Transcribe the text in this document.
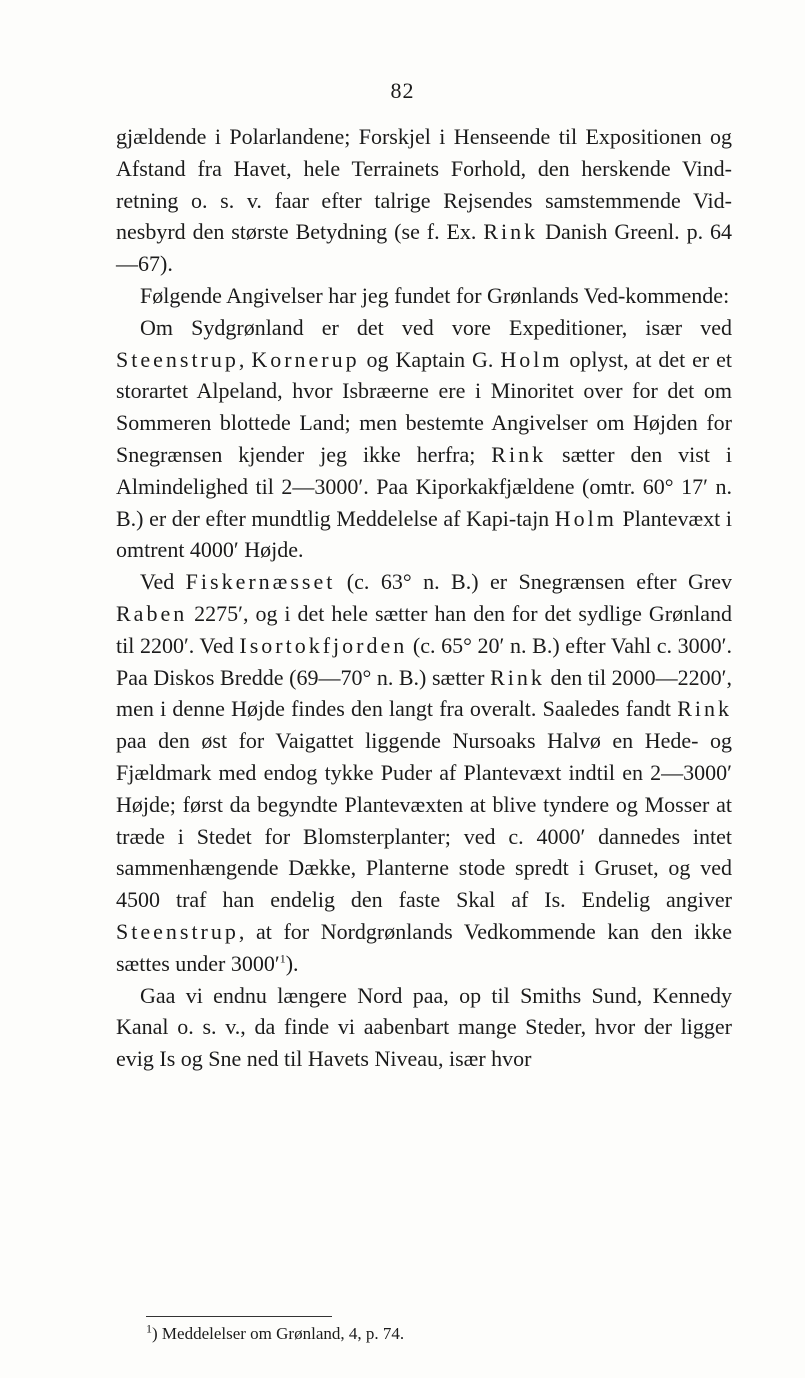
82

gjældende i Polarlandene; Forskjel i Henseende til Expositionen og Afstand fra Havet, hele Terrainets Forhold, den herskende Vind-retning o. s. v. faar efter talrige Rejsendes samstemmende Vid-nesbyrd den største Betydning (se f. Ex. Rink Danish Greenl. p. 64—67).

Følgende Angivelser har jeg fundet for Grønlands Ved-kommende:

Om Sydgrønland er det ved vore Expeditioner, især ved Steenstrup, Kornerup og Kaptain G. Holm oplyst, at det er et storartet Alpeland, hvor Isbræerne ere i Minoritet over for det om Sommeren blottede Land; men bestemte Angivelser om Højden for Snegrænsen kjender jeg ikke herfra; Rink sætter den vist i Almindelighed til 2—3000′. Paa Kiporkakfjældene (omtr. 60° 17′ n. B.) er der efter mundtlig Meddelelse af Kapi-tajn Holm Plantevæxt i omtrent 4000′ Højde.

Ved Fiskernæsset (c. 63° n. B.) er Snegrænsen efter Grev Raben 2275′, og i det hele sætter han den for det sydlige Grønland til 2200′. Ved Isortokfjorden (c. 65° 20′ n. B.) efter Vahl c. 3000′. Paa Diskos Bredde (69—70° n. B.) sætter Rink den til 2000—2200′, men i denne Højde findes den langt fra overalt. Saaledes fandt Rink paa den øst for Vaigattet liggende Nursoaks Halvø en Hede- og Fjældmark med endog tykke Puder af Plantevæxt indtil en 2—3000′ Højde; først da begyndte Plantevæxten at blive tyndere og Mosser at træde i Stedet for Blomsterplanter; ved c. 4000′ dannedes intet sammenhængende Dække, Planterne stode spredt i Gruset, og ved 4500 traf han endelig den faste Skal af Is. Endelig angiver Steenstrup, at for Nordgrønlands Vedkommende kan den ikke sættes under $3000'^1$).

Gaa vi endnu længere Nord paa, op til Smiths Sund, Kennedy Kanal o. s. v., da finde vi aabenbart mange Steder, hvor der ligger evig Is og Sne ned til Havets Niveau, især hvor

$^1$) Meddelelser om Grønland, 4, p. 74.
